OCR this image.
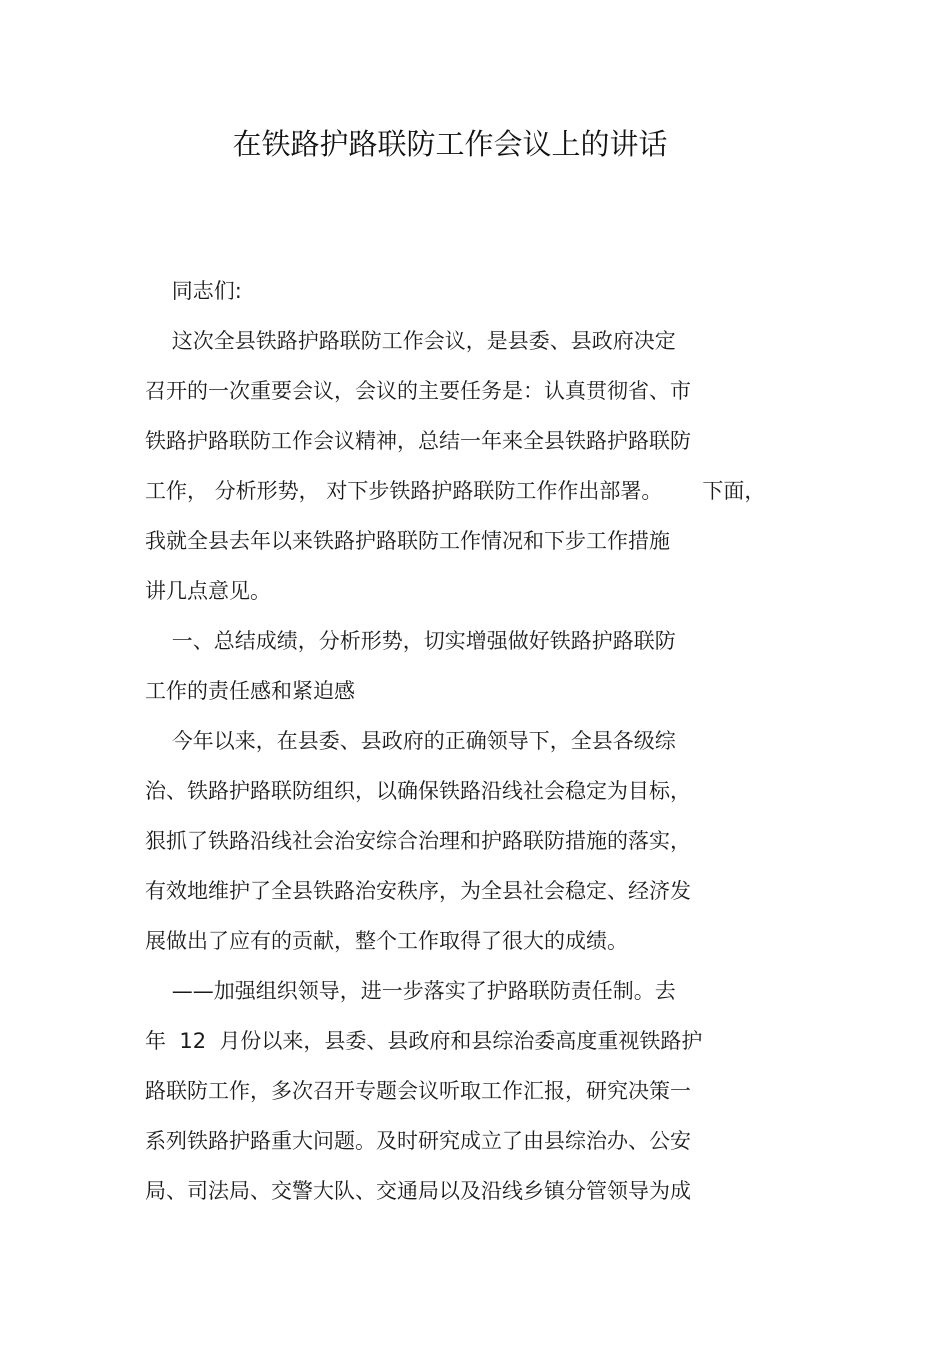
在铁路护路联防工作会议上的讲话
同志们:
这次全县铁路护路联防工作会议，是县委、县政府决定
召开的一次重要会议，会议的主要任务是：认真贯彻省、市
铁路护路联防工作会议精神，总结一年来全县铁路护路联防
工作， 分析形势， 对下步铁路护路联防工作作出部署。      下面，
我就全县去年以来铁路护路联防工作情况和下步工作措施
讲几点意见。
一、总结成绩，分析形势，切实增强做好铁路护路联防
工作的责任感和紧迫感
今年以来，在县委、县政府的正确领导下，全县各级综
治、铁路护路联防组织，以确保铁路沿线社会稳定为目标，
狠抓了铁路沿线社会治安综合治理和护路联防措施的落实，
有效地维护了全县铁路治安秩序，为全县社会稳定、经济发
展做出了应有的贡献，整个工作取得了很大的成绩。
——加强组织领导，进一步落实了护路联防责任制。去
年  12  月份以来，县委、县政府和县综治委高度重视铁路护
路联防工作，多次召开专题会议听取工作汇报，研究决策一
系列铁路护路重大问题。及时研究成立了由县综治办、公安
局、司法局、交警大队、交通局以及沿线乡镇分管领导为成
